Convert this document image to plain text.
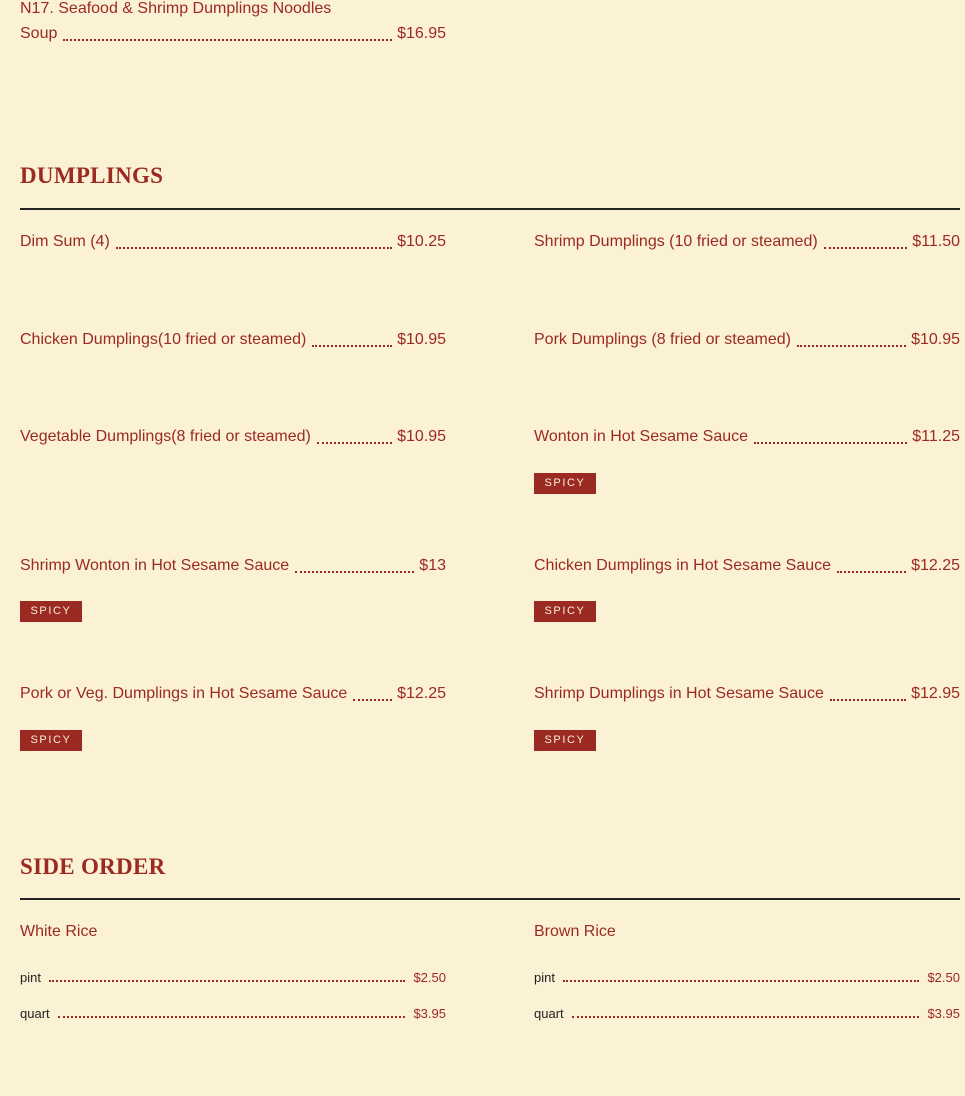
N17. Seafood & Shrimp Dumplings Noodles
Soup	$16.95
DUMPLINGS
Dim Sum (4)	$10.25	Shrimp Dumplings (10 fried or steamed)	$11.50
Chicken Dumplings(10 fried or steamed)	$10.95	Pork Dumplings (8 fried or steamed)	$10.95
Vegetable Dumplings(8 fried or steamed)	$10.95	Wonton in Hot Sesame Sauce	$11.25
SPICY
Shrimp Wonton in Hot Sesame Sauce	$13
SPICY
Chicken Dumplings in Hot Sesame Sauce	$12.25
SPICY
Pork or Veg. Dumplings in Hot Sesame Sauce	$12.25
SPICY
Shrimp Dumplings in Hot Sesame Sauce	$12.95
SPICY
SIDE ORDER
White Rice
pint	$2.50
quart	$3.95
Brown Rice
pint	$2.50
quart	$3.95
